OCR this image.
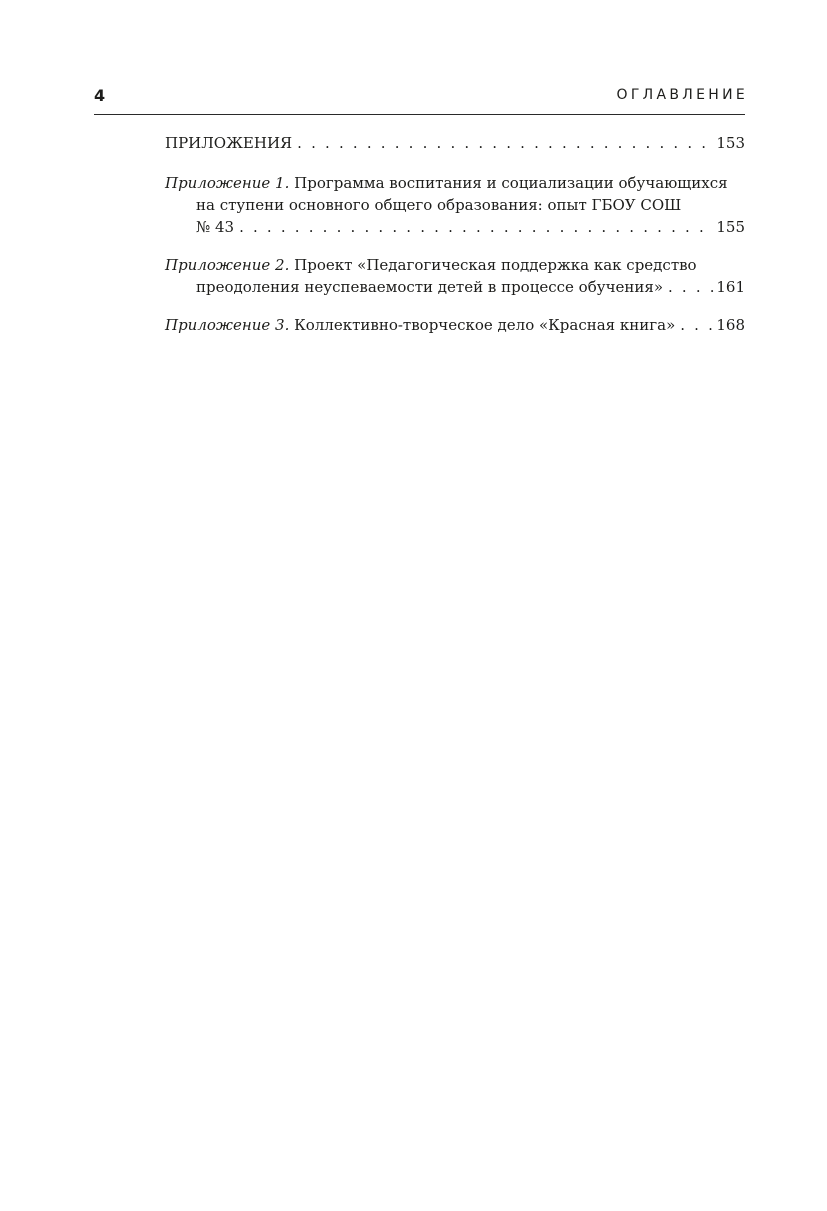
4	ОГЛАВЛЕНИЕ
ПРИЛОЖЕНИЯ . . .	153
Приложение 1.
Программа воспитания и социализации обучающихся
на ступени основного общего образования: опыт ГБОУ СОШ
№ 43 . . .	155
Приложение 2.
Проект «Педагогическая поддержка как средство
преодоления неуспеваемости детей в процессе обучения» . . .	161
Приложение 3.
Коллективно-творческое дело «Красная книга» . . .	168
